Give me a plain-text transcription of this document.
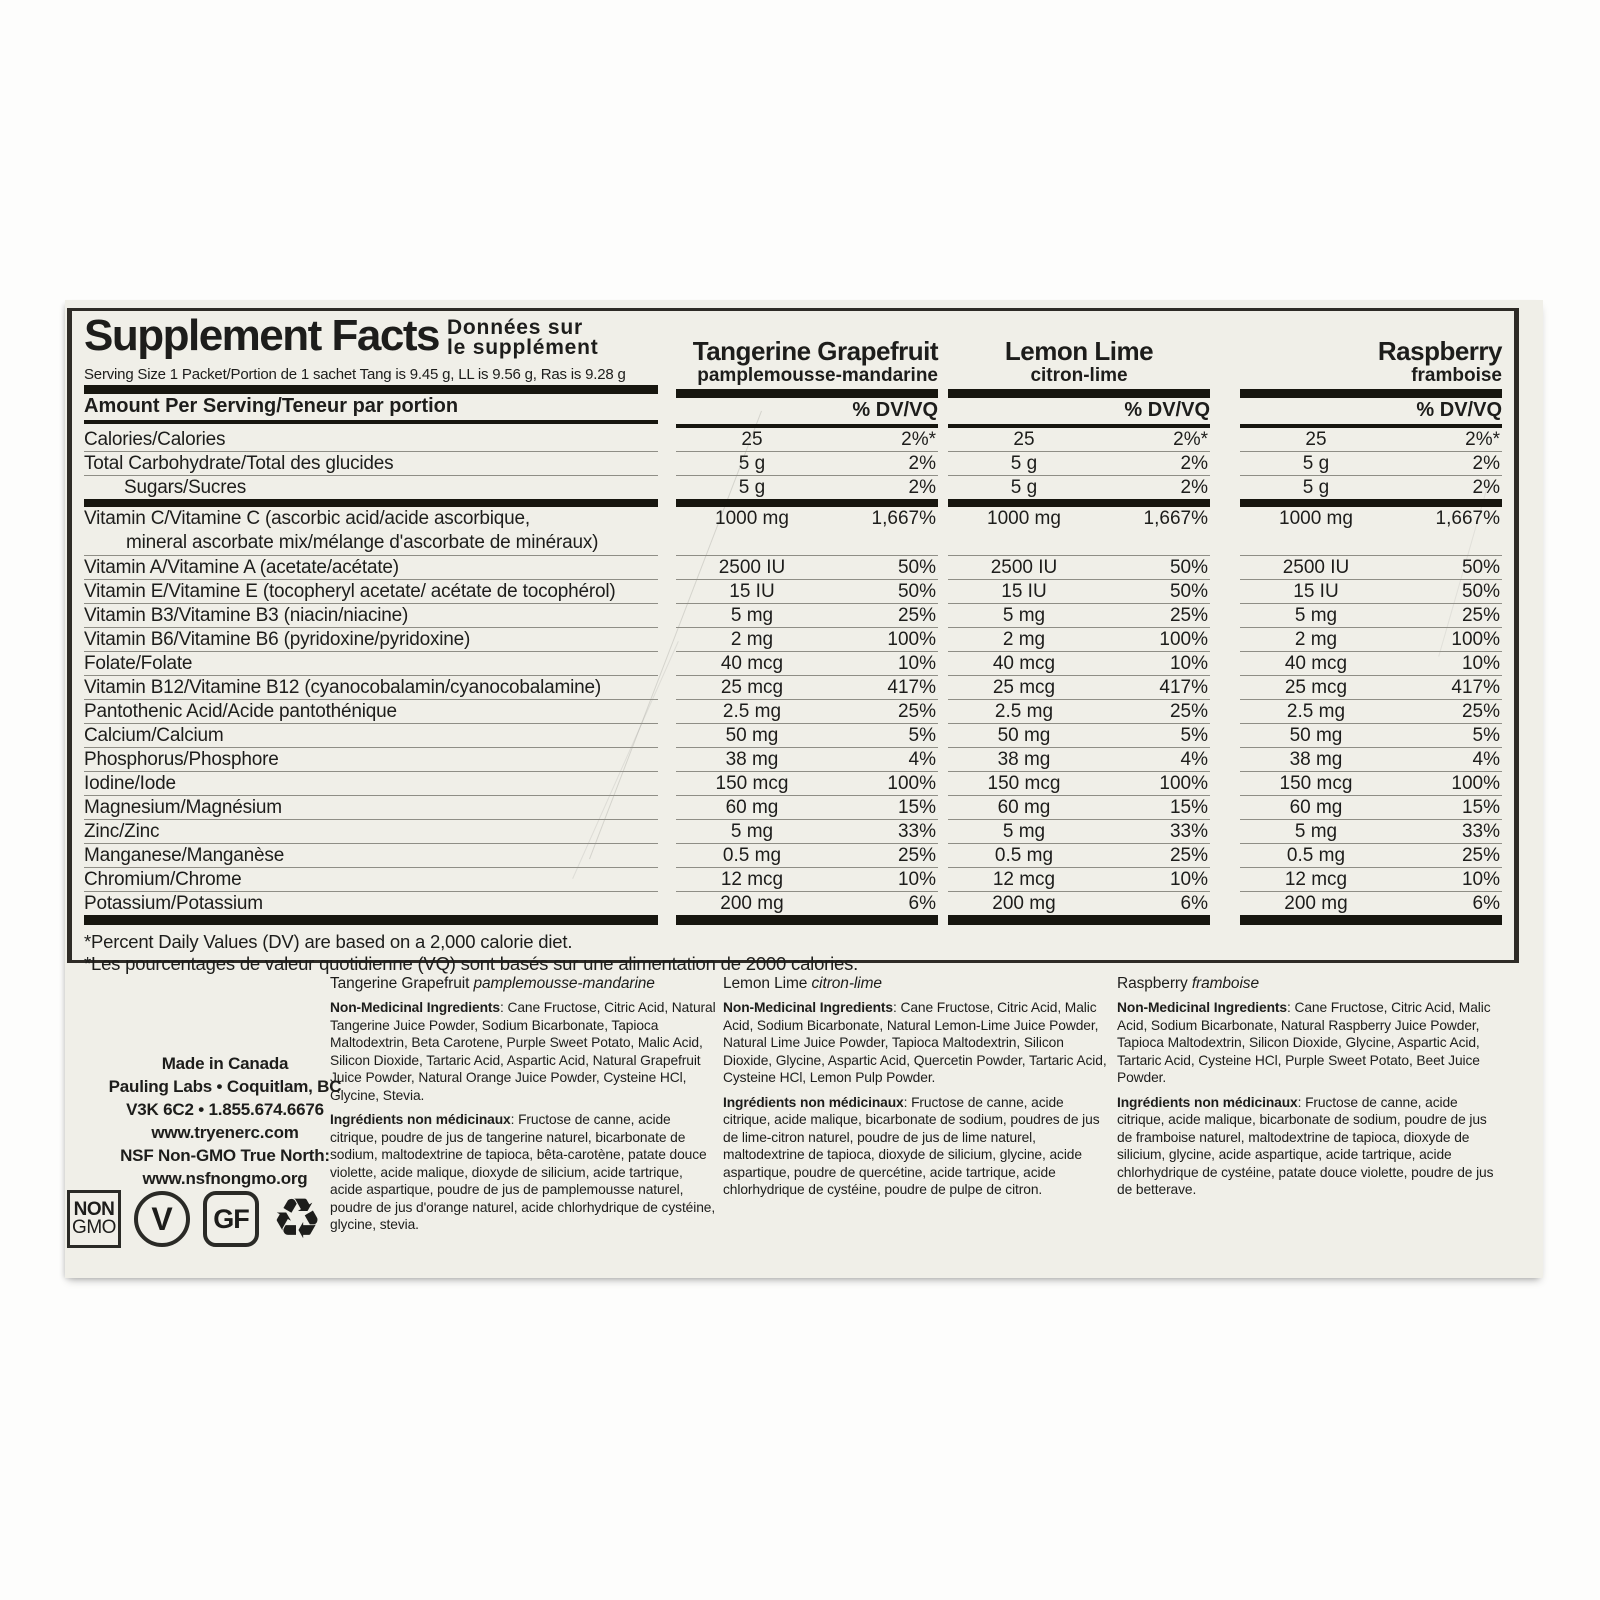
Supplement Facts Données sur
le supplément
Serving Size 1 Packet/Portion de 1 sachet Tang is 9.45 g, LL is 9.56 g, Ras is 9.28 g
Amount Per Serving/Teneur par portion
Tangerine Grapefruit
pamplemousse-mandarine
% DV/VQ
Lemon Lime
citron-lime
% DV/VQ
Raspberry
framboise
% DV/VQ
Calories/Calories	25	2%*	25	2%*	25	2%*
Total Carbohydrate/Total des glucides	5 g	2%	5 g	2%	5 g	2%
Sugars/Sucres	5 g	2%	5 g	2%	5 g	2%
Vitamin C/Vitamine C (ascorbic acid/acide ascorbique,
mineral ascorbate mix/mélange d'ascorbate de minéraux)
1000 mg	1,667%	1000 mg	1,667%	1000 mg	1,667%
Vitamin A/Vitamine A (acetate/acétate)	2500 IU	50%	2500 IU	50%	2500 IU	50%
Vitamin E/Vitamine E (tocopheryl acetate/ acétate de tocophérol)	15 IU	50%	15 IU	50%	15 IU	50%
Vitamin B3/Vitamine B3 (niacin/niacine)	5 mg	25%	5 mg	25%	5 mg	25%
Vitamin B6/Vitamine B6 (pyridoxine/pyridoxine)	2 mg	100%	2 mg	100%	2 mg	100%
Folate/Folate	40 mcg	10%	40 mcg	10%	40 mcg	10%
Vitamin B12/Vitamine B12 (cyanocobalamin/cyanocobalamine)	25 mcg	417%	25 mcg	417%	25 mcg	417%
Pantothenic Acid/Acide pantothénique	2.5 mg	25%	2.5 mg	25%	2.5 mg	25%
Calcium/Calcium	50 mg	5%	50 mg	5%	50 mg	5%
Phosphorus/Phosphore	38 mg	4%	38 mg	4%	38 mg	4%
Iodine/Iode	150 mcg	100%	150 mcg	100%	150 mcg	100%
Magnesium/Magnésium	60 mg	15%	60 mg	15%	60 mg	15%
Zinc/Zinc	5 mg	33%	5 mg	33%	5 mg	33%
Manganese/Manganèse	0.5 mg	25%	0.5 mg	25%	0.5 mg	25%
Chromium/Chrome	12 mcg	10%	12 mcg	10%	12 mcg	10%
Potassium/Potassium	200 mg	6%	200 mg	6%	200 mg	6%
*Percent Daily Values (DV) are based on a 2,000 calorie diet.
*Les pourcentages de valeur quotidienne (VQ) sont basés sur une alimentation de 2000 calories.
Tangerine Grapefruit pamplemousse-mandarine
Non-Medicinal Ingredients: Cane Fructose, Citric Acid, Natural Tangerine Juice Powder, Sodium Bicarbonate, Tapioca Maltodextrin, Beta Carotene, Purple Sweet Potato, Malic Acid, Silicon Dioxide, Tartaric Acid, Aspartic Acid, Natural Grapefruit Juice Powder, Natural Orange Juice Powder, Cysteine HCl, Glycine, Stevia.
Ingrédients non médicinaux: Fructose de canne, acide citrique, poudre de jus de tangerine naturel, bicarbonate de sodium, maltodextrine de tapioca, bêta-carotène, patate douce violette, acide malique, dioxyde de silicium, acide tartrique, acide aspartique, poudre de jus de pamplemousse naturel, poudre de jus d'orange naturel, acide chlorhydrique de cystéine, glycine, stevia.
Lemon Lime citron-lime
Non-Medicinal Ingredients: Cane Fructose, Citric Acid, Malic Acid, Sodium Bicarbonate, Natural Lemon-Lime Juice Powder, Natural Lime Juice Powder, Tapioca Maltodextrin, Silicon Dioxide, Glycine, Aspartic Acid, Quercetin Powder, Tartaric Acid, Cysteine HCl, Lemon Pulp Powder.
Ingrédients non médicinaux: Fructose de canne, acide citrique, acide malique, bicarbonate de sodium, poudres de jus de lime-citron naturel, poudre de jus de lime naturel, maltodextrine de tapioca, dioxyde de silicium, glycine, acide aspartique, poudre de quercétine, acide tartrique, acide chlorhydrique de cystéine, poudre de pulpe de citron.
Raspberry framboise
Non-Medicinal Ingredients: Cane Fructose, Citric Acid, Malic Acid, Sodium Bicarbonate, Natural Raspberry Juice Powder, Tapioca Maltodextrin, Silicon Dioxide, Glycine, Aspartic Acid, Tartaric Acid, Cysteine HCl, Purple Sweet Potato, Beet Juice Powder.
Ingrédients non médicinaux: Fructose de canne, acide citrique, acide malique, bicarbonate de sodium, poudre de jus de framboise naturel, maltodextrine de tapioca, dioxyde de silicium, glycine, acide aspartique, acide tartrique, acide chlorhydrique de cystéine, patate douce violette, poudre de jus de betterave.
Made in Canada
Pauling Labs • Coquitlam, BC
V3K 6C2 • 1.855.674.6676
www.tryenerc.com
NSF Non-GMO True North:
www.nsfnongmo.org
NON
GMO V GF ♻
